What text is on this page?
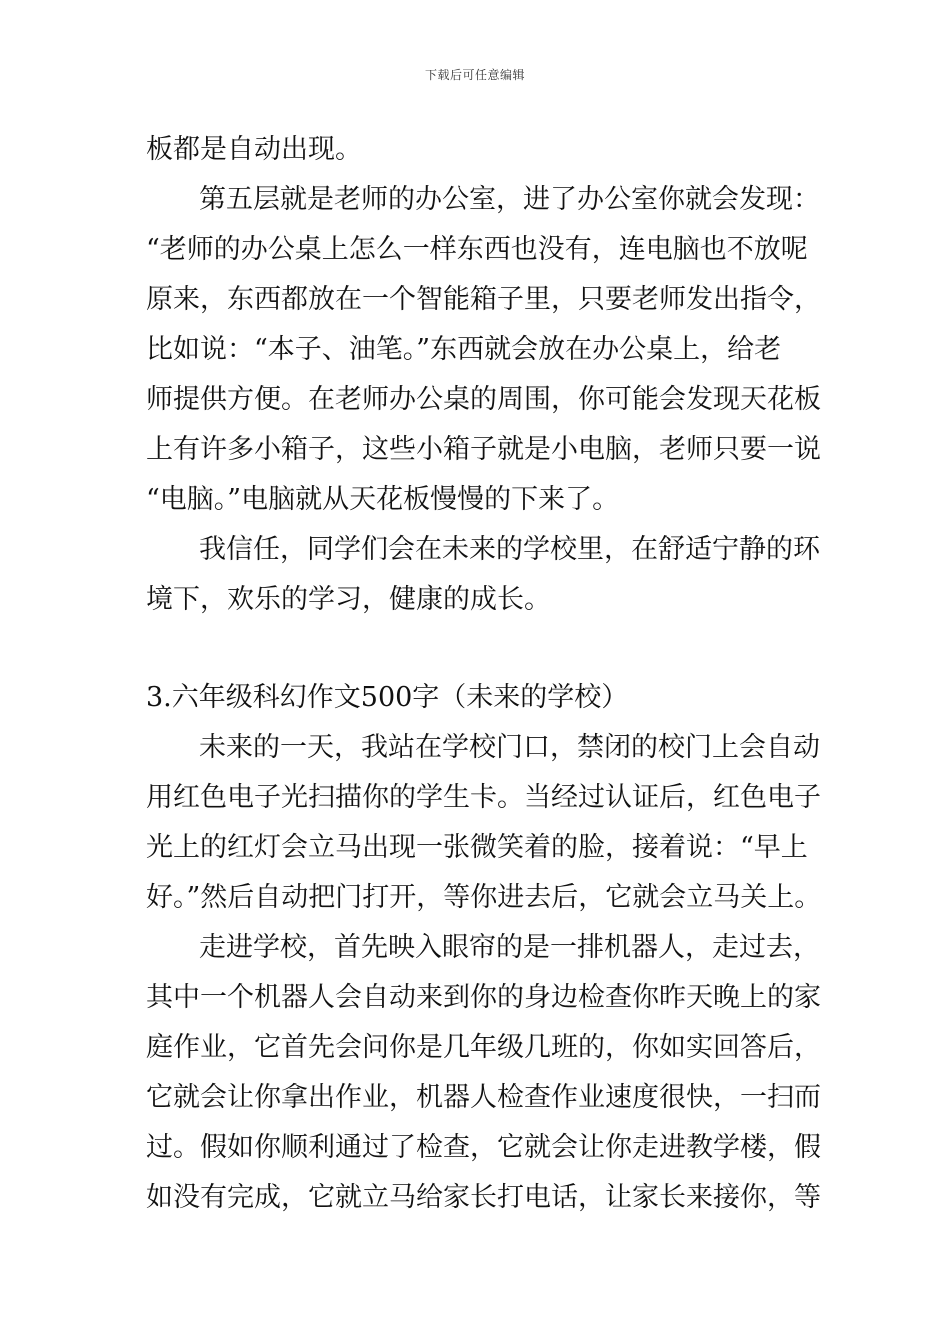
下载后可任意编辑
板都是自动出现。
第五层就是老师的办公室，进了办公室你就会发现：
“老师的办公桌上怎么一样东西也没有，连电脑也不放呢
原来，东西都放在一个智能箱子里，只要老师发出指令，
比如说：“本子、油笔。”东西就会放在办公桌上，给老
师提供方便。在老师办公桌的周围，你可能会发现天花板
上有许多小箱子，这些小箱子就是小电脑，老师只要一说
“电脑。”电脑就从天花板慢慢的下来了。
我信任，同学们会在未来的学校里，在舒适宁静的环
境下，欢乐的学习，健康的成长。
3.六年级科幻作文500字（未来的学校）
未来的一天，我站在学校门口，禁闭的校门上会自动
用红色电子光扫描你的学生卡。当经过认证后，红色电子
光上的红灯会立马出现一张微笑着的脸，接着说：“早上
好。”然后自动把门打开，等你进去后，它就会立马关上。
走进学校，首先映入眼帘的是一排机器人，走过去，
其中一个机器人会自动来到你的身边检查你昨天晚上的家
庭作业，它首先会问你是几年级几班的，你如实回答后，
它就会让你拿出作业，机器人检查作业速度很快，一扫而
过。假如你顺利通过了检查，它就会让你走进教学楼，假
如没有完成，它就立马给家长打电话，让家长来接你，等
